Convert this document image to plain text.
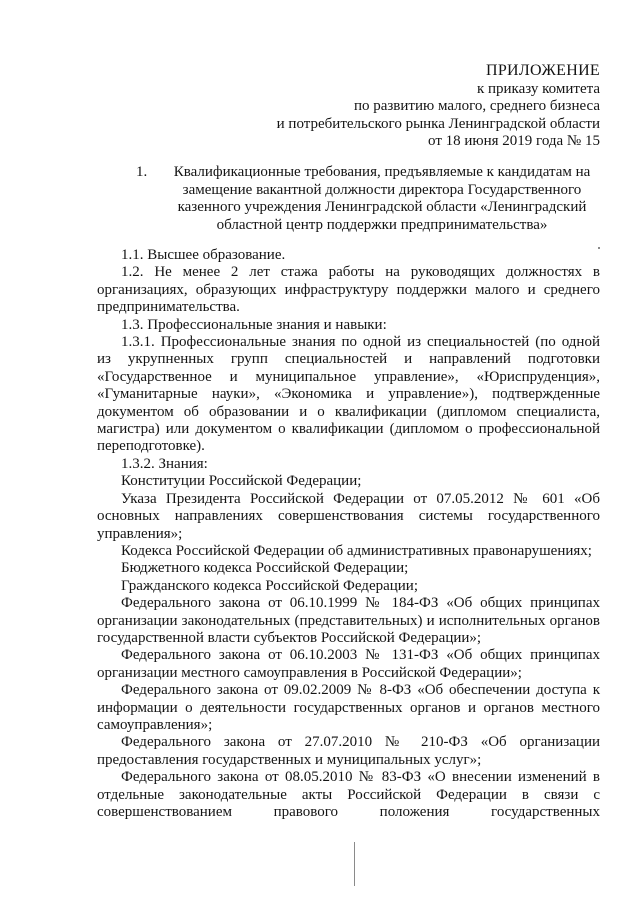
ПРИЛОЖЕНИЕ
к приказу комитета
по развитию малого, среднего бизнеса
и потребительского рынка Ленинградской области
от 18 июня 2019 года № 15
1.	Квалификационные требования, предъявляемые к кандидатам на замещение вакантной должности директора Государственного казенного учреждения Ленинградской области «Ленинградский областной центр поддержки предпринимательства»

1.1. Высшее образование.

1.2. Не менее 2 лет стажа работы на руководящих должностях в организациях, образующих инфраструктуру поддержки малого и среднего предпринимательства.

1.3. Профессиональные знания и навыки:

1.3.1. Профессиональные знания по одной из специальностей (по одной из укрупненных групп специальностей и направлений подготовки «Государственное и муниципальное управление», «Юриспруденция», «Гуманитарные науки», «Экономика и управление»), подтвержденные документом об образовании и о квалификации (дипломом специалиста, магистра) или документом о квалификации (дипломом о профессиональной переподготовке).

1.3.2. Знания:

Конституции Российской Федерации;

Указа Президента Российской Федерации от 07.05.2012 № 601 «Об основных направлениях совершенствования системы государственного управления»;

Кодекса Российской Федерации об административных правонарушениях;

Бюджетного кодекса Российской Федерации;

Гражданского кодекса Российской Федерации;

Федерального закона от 06.10.1999 № 184-ФЗ «Об общих принципах организации законодательных (представительных) и исполнительных органов государственной власти субъектов Российской Федерации»;

Федерального закона от 06.10.2003 № 131-ФЗ «Об общих принципах организации местного самоуправления в Российской Федерации»;

Федерального закона от 09.02.2009 № 8-ФЗ «Об обеспечении доступа к информации о деятельности государственных органов и органов местного самоуправления»;

Федерального закона от 27.07.2010 № 210-ФЗ «Об организации предоставления государственных и муниципальных услуг»;

Федерального закона от 08.05.2010 № 83-ФЗ «О внесении изменений в отдельные законодательные акты Российской Федерации в связи с совершенствованием правового положения государственных
